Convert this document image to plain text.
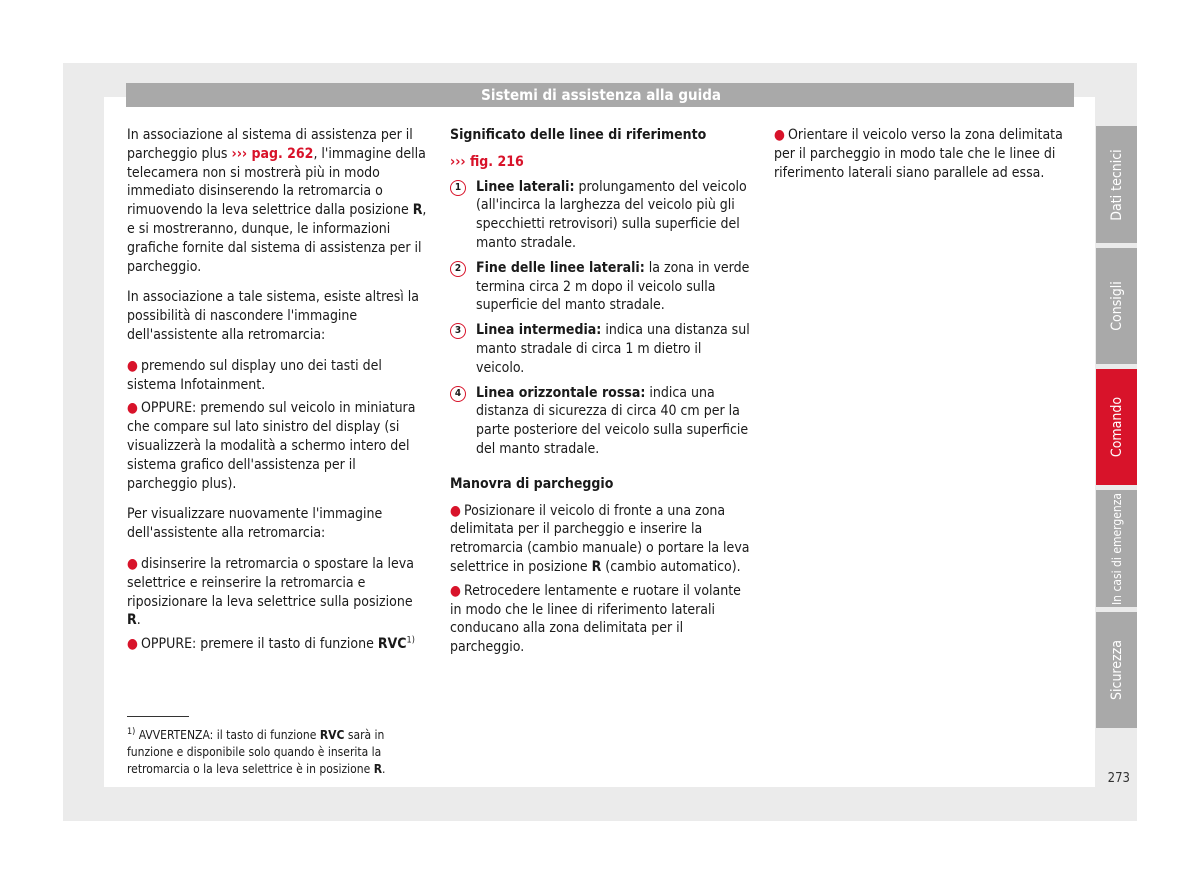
Sistemi di assistenza alla guida

In associazione al sistema di assistenza per il parcheggio plus ››› pag. 262, l'immagine della telecamera non si mostrerà più in modo immediato disinserendo la retromarcia o rimuovendo la leva selettrice dalla posizione R, e si mostreranno, dunque, le informazioni grafiche fornite dal sistema di assistenza per il parcheggio.

In associazione a tale sistema, esiste altresì la possibilità di nascondere l'immagine dell'assistente alla retromarcia:

● premendo sul display uno dei tasti del sistema Infotainment.

● OPPURE: premendo sul veicolo in miniatura che compare sul lato sinistro del display (si visualizzerà la modalità a schermo intero del sistema grafico dell'assistenza per il parcheggio plus).

Per visualizzare nuovamente l'immagine dell'assistente alla retromarcia:

● disinserire la retromarcia o spostare la leva selettrice e reinserire la retromarcia e riposizionare la leva selettrice sulla posizione R.

● OPPURE: premere il tasto di funzione RVC$^{1)}$

Significato delle linee di riferimento

››› fig. 216

1	Linee laterali: prolungamento del veicolo (all'incirca la larghezza del veicolo più gli specchietti retrovisori) sulla superficie del manto stradale.
2	Fine delle linee laterali: la zona in verde termina circa 2 m dopo il veicolo sulla superficie del manto stradale.
3	Linea intermedia: indica una distanza sul manto stradale di circa 1 m dietro il veicolo.
4	Linea orizzontale rossa: indica una distanza di sicurezza di circa 40 cm per la parte posteriore del veicolo sulla superficie del manto stradale.
Manovra di parcheggio

● Posizionare il veicolo di fronte a una zona delimitata per il parcheggio e inserire la retromarcia (cambio manuale) o portare la leva selettrice in posizione R (cambio automatico).

● Retrocedere lentamente e ruotare il volante in modo che le linee di riferimento laterali conducano alla zona delimitata per il parcheggio.

● Orientare il veicolo verso la zona delimitata per il parcheggio in modo tale che le linee di riferimento laterali siano parallele ad essa.

$^{1)}$ AVVERTENZA: il tasto di funzione RVC sarà in funzione e disponibile solo quando è inserita la retromarcia o la leva selettrice è in posizione R.
Dati tecnici
Consigli
Comando
In casi di emergenza
Sicurezza
273
